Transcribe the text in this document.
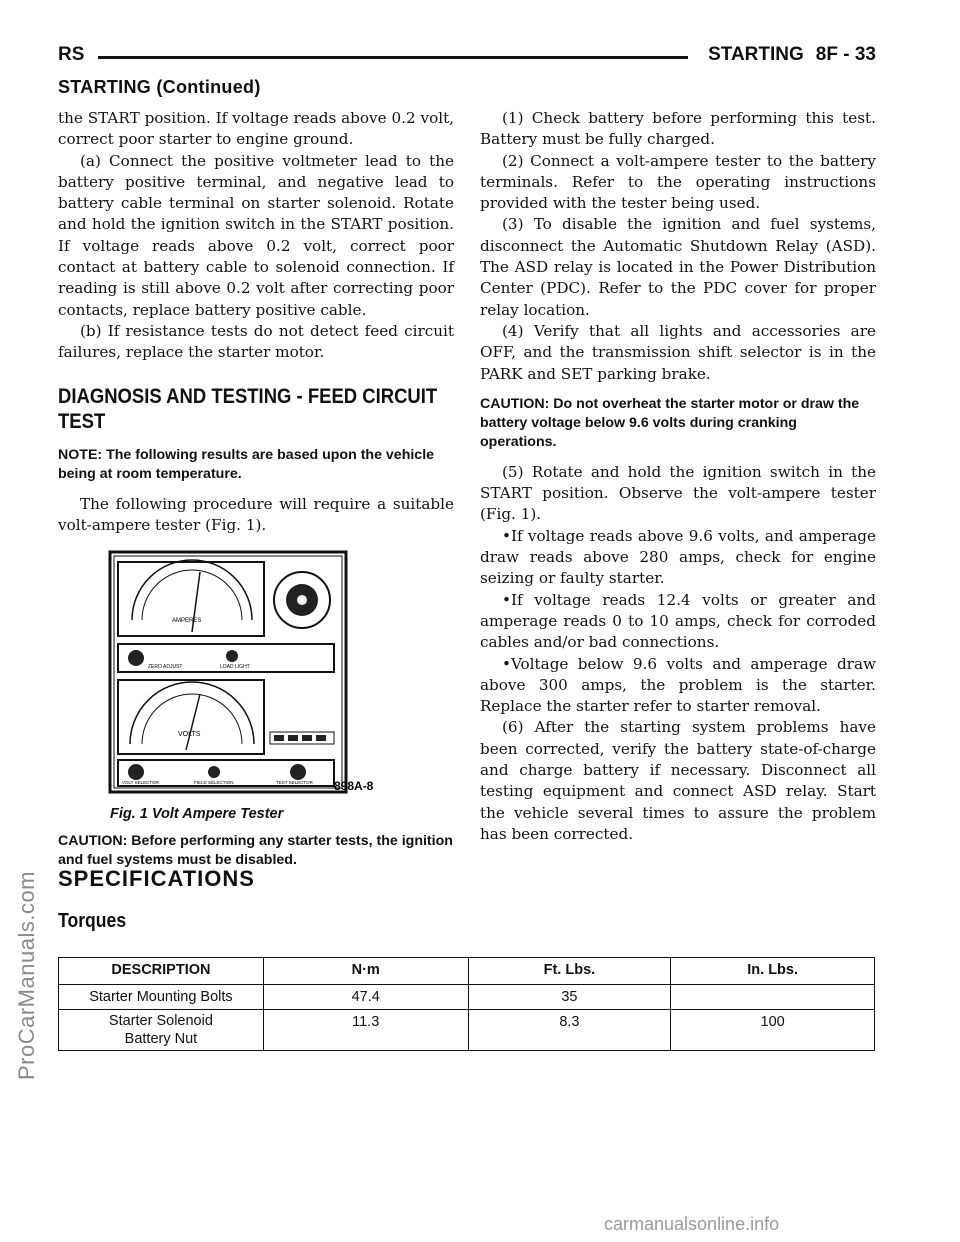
RS	STARTING 8F - 33
STARTING (Continued)

the START position. If voltage reads above 0.2 volt, correct poor starter to engine ground.

(a) Connect the positive voltmeter lead to the battery positive terminal, and negative lead to battery cable terminal on starter solenoid. Rotate and hold the ignition switch in the START position. If voltage reads above 0.2 volt, correct poor contact at battery cable to solenoid connection. If reading is still above 0.2 volt after correcting poor contacts, replace battery positive cable.

(b) If resistance tests do not detect feed circuit failures, replace the starter motor.

DIAGNOSIS AND TESTING - FEED CIRCUIT TEST
NOTE: The following results are based upon the vehicle being at room temperature.

The following procedure will require a suitable volt-ampere tester (Fig. 1).

AMPERES
ZERO ADJUST	LOAD LIGHT
VOLTS
VOLT SELECTOR	FIELD SELECTION	TEST SELECTOR 898A-8
Fig. 1 Volt Ampere Tester
CAUTION: Before performing any starter tests, the ignition and fuel systems must be disabled.

(1) Check battery before performing this test. Battery must be fully charged.

(2) Connect a volt-ampere tester to the battery terminals. Refer to the operating instructions provided with the tester being used.

(3) To disable the ignition and fuel systems, disconnect the Automatic Shutdown Relay (ASD). The ASD relay is located in the Power Distribution Center (PDC). Refer to the PDC cover for proper relay location.

(4) Verify that all lights and accessories are OFF, and the transmission shift selector is in the PARK and SET parking brake.

CAUTION: Do not overheat the starter motor or draw the battery voltage below 9.6 volts during cranking operations.

(5) Rotate and hold the ignition switch in the START position. Observe the volt-ampere tester (Fig. 1).

•If voltage reads above 9.6 volts, and amperage draw reads above 280 amps, check for engine seizing or faulty starter.

•If voltage reads 12.4 volts or greater and amperage reads 0 to 10 amps, check for corroded cables and/or bad connections.

•Voltage below 9.6 volts and amperage draw above 300 amps, the problem is the starter. Replace the starter refer to starter removal.

(6) After the starting system problems have been corrected, verify the battery state-of-charge and charge battery if necessary. Disconnect all testing equipment and connect ASD relay. Start the vehicle several times to assure the problem has been corrected.

SPECIFICATIONS
Torques
DESCRIPTION	N·m	Ft. Lbs.	In. Lbs.
Starter Mounting Bolts	47.4	35	
Starter Solenoid Battery Nut	11.3	8.3	100
ProCarManuals.com
carmanualsonline.info
